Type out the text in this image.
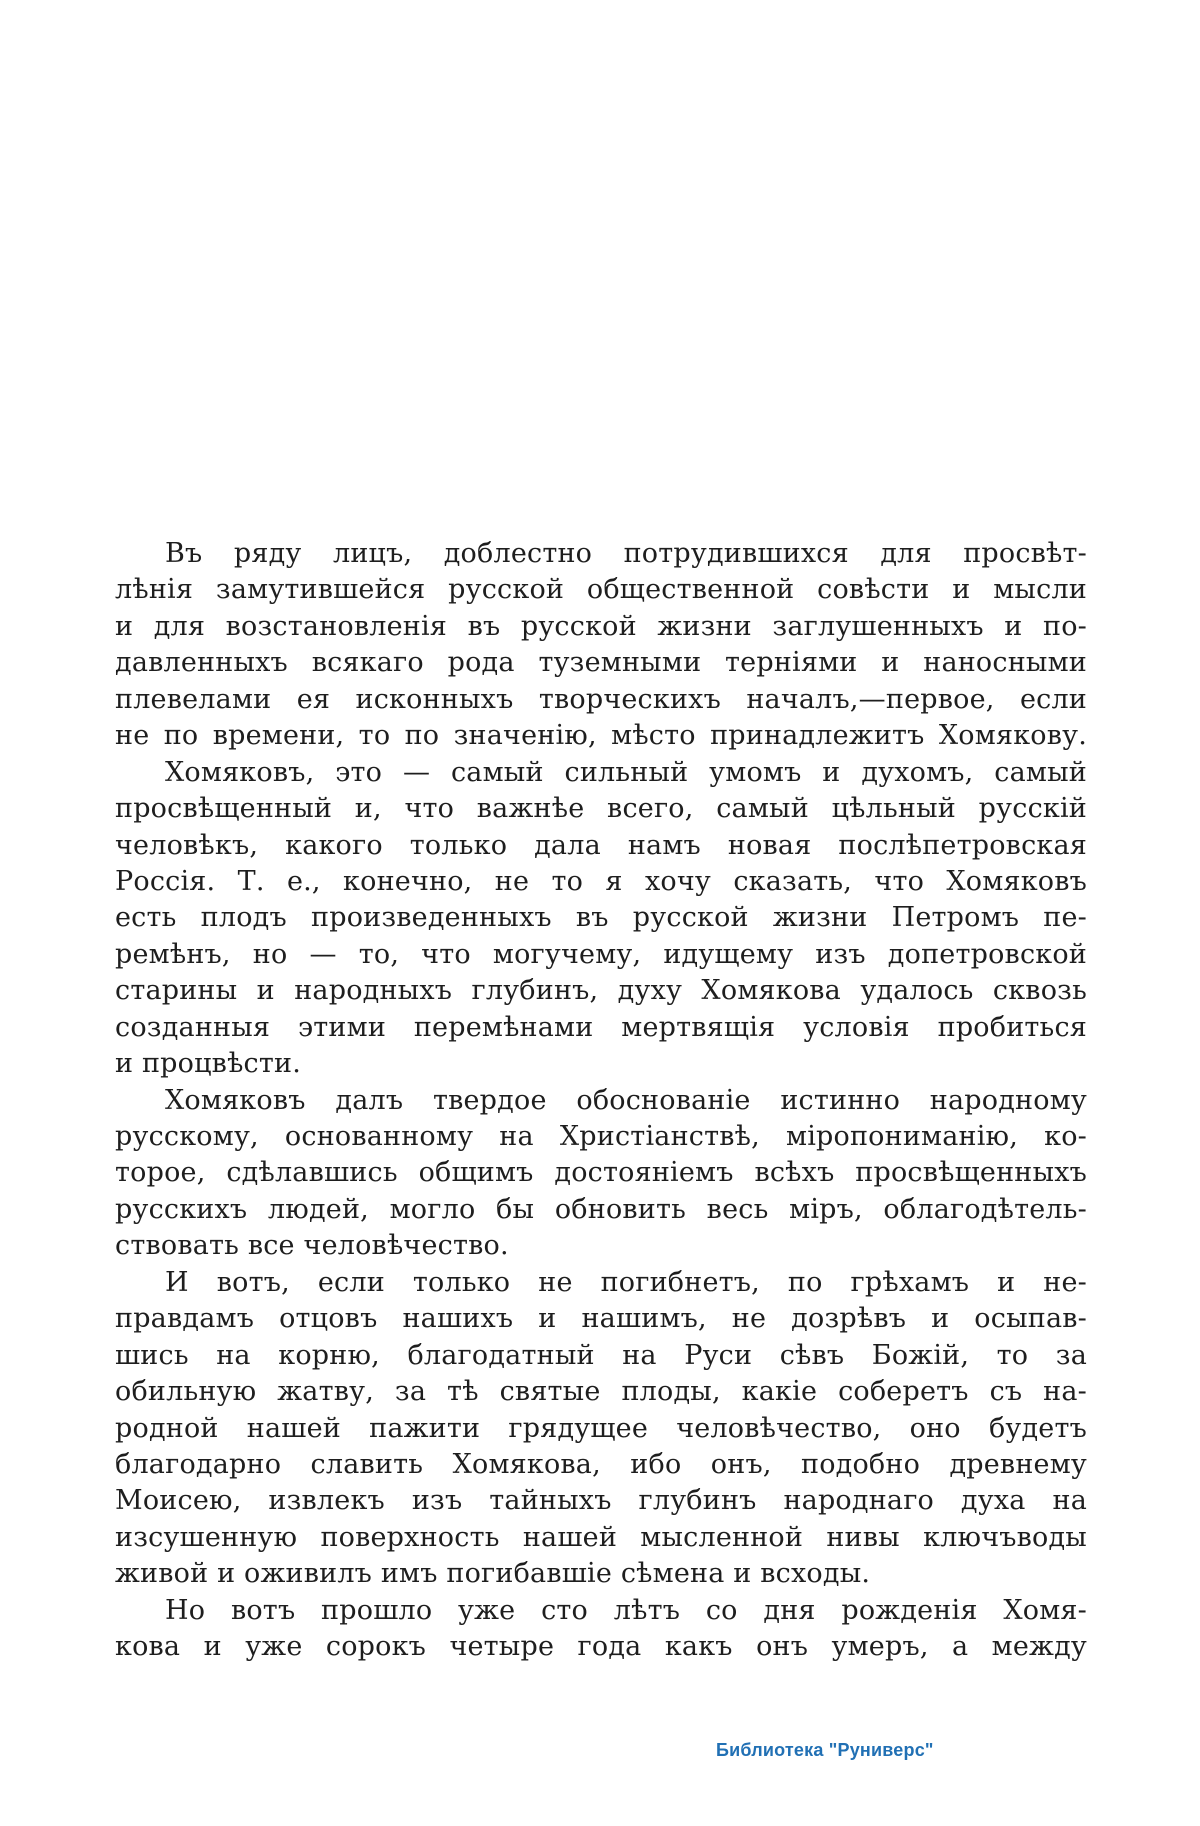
Въ ряду лицъ, доблестно потрудившихся для просвѣт-
лѣнія замутившейся русской общественной совѣсти и мысли
и для возстановленія въ русской жизни заглушенныхъ и по-
давленныхъ всякаго рода туземными терніями и наносными
плевелами ея исконныхъ творческихъ началъ,—первое, если
не по времени, то по значенію, мѣсто принадлежитъ Хомякову.
Хомяковъ, это — самый сильный умомъ и духомъ, самый
просвѣщенный и, что важнѣе всего, самый цѣльный русскій
человѣкъ, какого только дала намъ новая послѣпетровская
Россія. Т. е., конечно, не то я хочу сказать, что Хомяковъ
есть плодъ произведенныхъ въ русской жизни Петромъ пе-
ремѣнъ, но — то, что могучему, идущему изъ допетровской
старины и народныхъ глубинъ, духу Хомякова удалось сквозь
созданныя этими перемѣнами мертвящія условія пробиться
и процвѣсти.
Хомяковъ далъ твердое обоснованіе истинно народному
русскому, основанному на Христіанствѣ, міропониманію, ко-
торое, сдѣлавшись общимъ достояніемъ всѣхъ просвѣщенныхъ
русскихъ людей, могло бы обновить весь міръ, облагодѣтель-
ствовать все человѣчество.
И вотъ, если только не погибнетъ, по грѣхамъ и не-
правдамъ отцовъ нашихъ и нашимъ, не дозрѣвъ и осыпав-
шись на корню, благодатный на Руси сѣвъ Божій, то за
обильную жатву, за тѣ святые плоды, какіе соберетъ съ на-
родной нашей пажити грядущее человѣчество, оно будетъ
благодарно славить Хомякова, ибо онъ, подобно древнему
Моисею, извлекъ изъ тайныхъ глубинъ народнаго духа на
изсушенную поверхность нашей мысленной нивы ключъводы
живой и оживилъ имъ погибавшіе сѣмена и всходы.
Но вотъ прошло уже сто лѣтъ со дня рожденія Хомя-
кова и уже сорокъ четыре года какъ онъ умеръ, а между
Библиотека "Руниверс"
